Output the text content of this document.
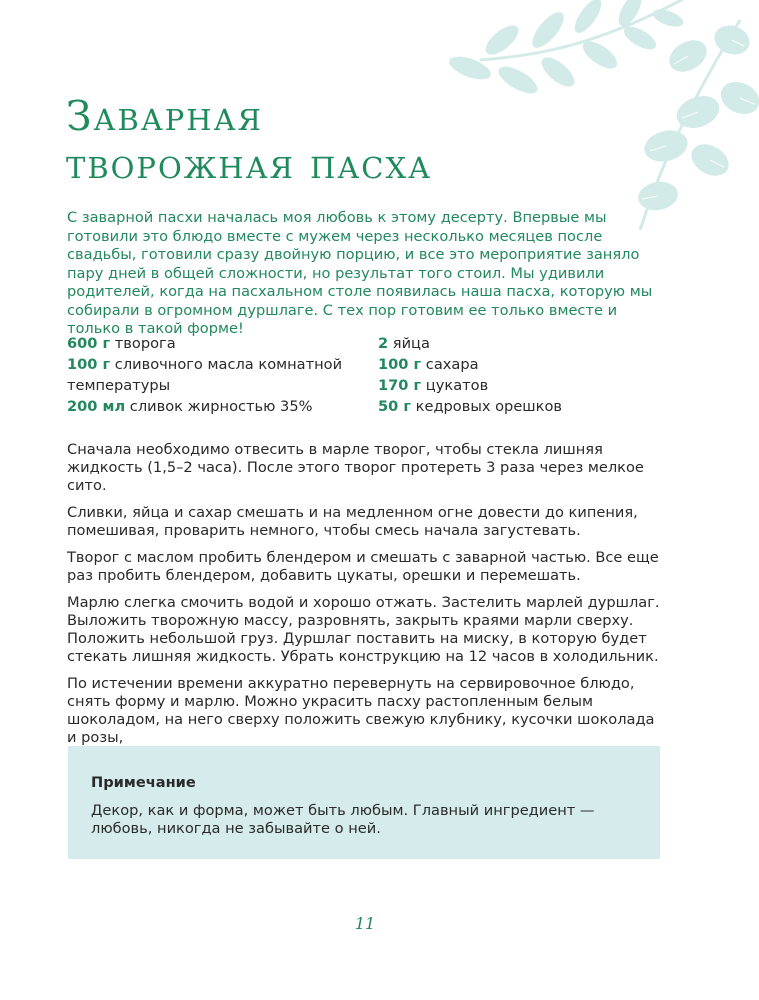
Заварная
творожная пасха

С заварной пасхи началась моя любовь к этому десерту. Впервые мы готовили это блюдо вместе с мужем через несколько месяцев после свадьбы, готовили сразу двойную порцию, и все это мероприятие заняло пару дней в общей сложности, но результат того стоил. Мы удивили родителей, когда на пасхальном столе появилась наша пасха, которую мы собирали в огромном дуршлаге. С тех пор готовим ее только вместе и только в такой форме!

600 г творога

100 г сливочного масла комнатной температуры

200 мл сливок жирностью 35%

2 яйца

100 г сахара

170 г цукатов

50 г кедровых орешков

Сначала необходимо отвесить в марле творог, чтобы стекла лишняя жидкость (1,5–2 часа). После этого творог протереть 3 раза через мелкое сито.

Сливки, яйца и сахар смешать и на медленном огне довести до кипения, помешивая, проварить немного, чтобы смесь начала загустевать.

Творог с маслом пробить блендером и смешать с заварной частью. Все еще раз пробить блендером, добавить цукаты, орешки и перемешать.

Марлю слегка смочить водой и хорошо отжать. Застелить марлей дуршлаг. Выложить творожную массу, разровнять, закрыть краями марли сверху. Положить небольшой груз. Дуршлаг поставить на миску, в которую будет стекать лишняя жидкость. Убрать конструкцию на 12 часов в холодильник.

По истечении времени аккуратно перевернуть на сервировочное блюдо, снять форму и марлю. Можно украсить пасху растопленным белым шоколадом, на него сверху положить свежую клубнику, кусочки шоколада и розы,

Примечание

Декор, как и форма, может быть любым. Главный ингредиент — любовь, никогда не забывайте о ней.

11
